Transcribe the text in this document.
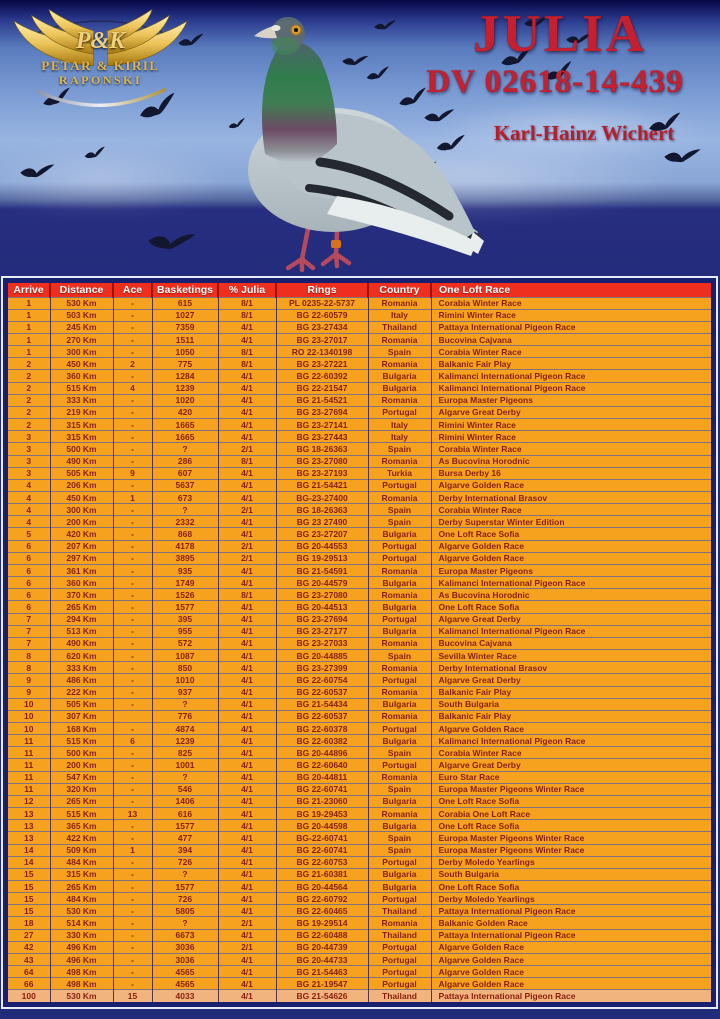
P&K
PETAR & KIRIL
RAPONSKI
JULIA
DV 02618-14-439
Karl-Hainz Wichert
Arrive	Distance	Ace	Basketings	% Julia	Rings	Country	One Loft Race
1	530 Km	-	615	8/1	PL 0235-22-5737	Romania	Corabia Winter Race
1	503 Km	-	1027	8/1	BG 22-60579	Italy	Rimini Winter Race
1	245 Km	-	7359	4/1	BG 23-27434	Thailand	Pattaya International Pigeon Race
1	270 Km	-	1511	4/1	BG 23-27017	Romania	Bucovina Cajvana
1	300 Km	-	1050	8/1	RO 22-1340198	Spain	Corabia Winter Race
2	450 Km	2	775	8/1	BG 23-27221	Romania	Balkanic Fair Play
2	360 Km	-	1284	4/1	BG 22-60392	Bulgaria	Kalimanci International Pigeon Race
2	515 Km	4	1239	4/1	BG 22-21547	Bulgaria	Kalimanci International Pigeon Race
2	333 Km	-	1020	4/1	BG 21-54521	Romania	Europa Master Pigeons
2	219 Km	-	420	4/1	BG 23-27694	Portugal	Algarve Great Derby
2	315 Km	-	1665	4/1	BG 23-27141	Italy	Rimini Winter Race
3	315 Km	-	1665	4/1	BG 23-27443	Italy	Rimini Winter Race
3	500 Km	-	?	2/1	BG 18-26363	Spain	Corabia Winter Race
3	490 Km	-	286	8/1	BG 23-27080	Romania	As Bucovina Horodnic
3	505 Km	9	607	4/1	BG 23-27193	Turkia	Bursa Derby 16
4	206 Km	-	5637	4/1	BG 21-54421	Portugal	Algarve Golden Race
4	450 Km	1	673	4/1	BG-23-27400	Romania	Derby International Brasov
4	300 Km	-	?	2/1	BG 18-26363	Spain	Corabia Winter Race
4	200 Km	-	2332	4/1	BG 23 27490	Spain	Derby Superstar Winter Edition
5	420 Km	-	868	4/1	BG 23-27207	Bulgaria	One Loft Race Sofia
6	207 Km	-	4178	2/1	BG 20-44553	Portugal	Algarve Golden Race
6	297 Km	-	3895	2/1	BG 19-29513	Portugal	Algarve Golden Race
6	361 Km	-	935	4/1	BG 21-54591	Romania	Europa Master Pigeons
6	360 Km	-	1749	4/1	BG 20-44579	Bulgaria	Kalimanci International Pigeon Race
6	370 Km	-	1526	8/1	BG 23-27080	Romania	As Bucovina Horodnic
6	265 Km	-	1577	4/1	BG 20-44513	Bulgaria	One Loft Race Sofia
7	294 Km	-	395	4/1	BG 23-27694	Portugal	Algarve Great Derby
7	513 Km	-	955	4/1	BG 23-27177	Bulgaria	Kalimanci International Pigeon Race
7	490 Km	-	572	4/1	BG 23-27033	Romania	Bucovina Cajvana
8	620 Km	-	1087	4/1	BG 20-44885	Spain	Sevilla Winter Race
8	333 Km	-	850	4/1	BG 23-27399	Romania	Derby International Brasov
9	486 Km	-	1010	4/1	BG 22-60754	Portugal	Algarve Great Derby
9	222 Km	-	937	4/1	BG 22-60537	Romania	Balkanic Fair Play
10	505 Km	-	?	4/1	BG 21-54434	Bulgaria	South Bulgaria
10	307 Km		776	4/1	BG 22-60537	Romania	Balkanic Fair Play
10	168 Km	-	4874	4/1	BG 22-60378	Portugal	Algarve Golden Race
11	515 Km	6	1239	4/1	BG 22-60382	Bulgaria	Kalimanci International Pigeon Race
11	500 Km	-	825	4/1	BG 20-44896	Spain	Corabia Winter Race
11	200 Km	-	1001	4/1	BG 22-60640	Portugal	Algarve Great Derby
11	547 Km	-	?	4/1	BG 20-44811	Romania	Euro Star Race
11	320 Km	-	546	4/1	BG 22-60741	Spain	Europa Master Pigeons Winter Race
12	265 Km	-	1406	4/1	BG 21-23060	Bulgaria	One Loft Race Sofia
13	515 Km	13	616	4/1	BG 19-29453	Romania	Corabia One Loft Race
13	365 Km	-	1577	4/1	BG 20-44598	Bulgaria	One Loft Race Sofia
13	422 Km	-	477	4/1	BG-22-60741	Spain	Europa Master Pigeons Winter Race
14	509 Km	1	394	4/1	BG 22-60741	Spain	Europa Master Pigeons Winter Race
14	484 Km	-	726	4/1	BG 22-60753	Portugal	Derby Moledo Yearlings
15	315 Km	-	?	4/1	BG 21-60381	Bulgaria	South Bulgaria
15	265 Km	-	1577	4/1	BG 20-44564	Bulgaria	One Loft Race Sofia
15	484 Km	-	726	4/1	BG 22-60792	Portugal	Derby Moledo Yearlings
15	530 Km	-	5805	4/1	BG 22-60465	Thailand	Pattaya International Pigeon Race
18	514 Km	-	?	2/1	BG 19-29514	Romania	Balkanic Golden Race
27	330 Km	-	6673	4/1	BG 22-60488	Thailand	Pattaya International Pigeon Race
42	496 Km	-	3036	2/1	BG 20-44739	Portugal	Algarve Golden Race
43	496 Km	-	3036	4/1	BG 20-44733	Portugal	Algarve Golden Race
64	498 Km	-	4565	4/1	BG 21-54463	Portugal	Algarve Golden Race
66	498 Km	-	4565	4/1	BG 21-19547	Portugal	Algarve Golden Race
100	530 Km	15	4033	4/1	BG 21-54626	Thailand	Pattaya International Pigeon Race
